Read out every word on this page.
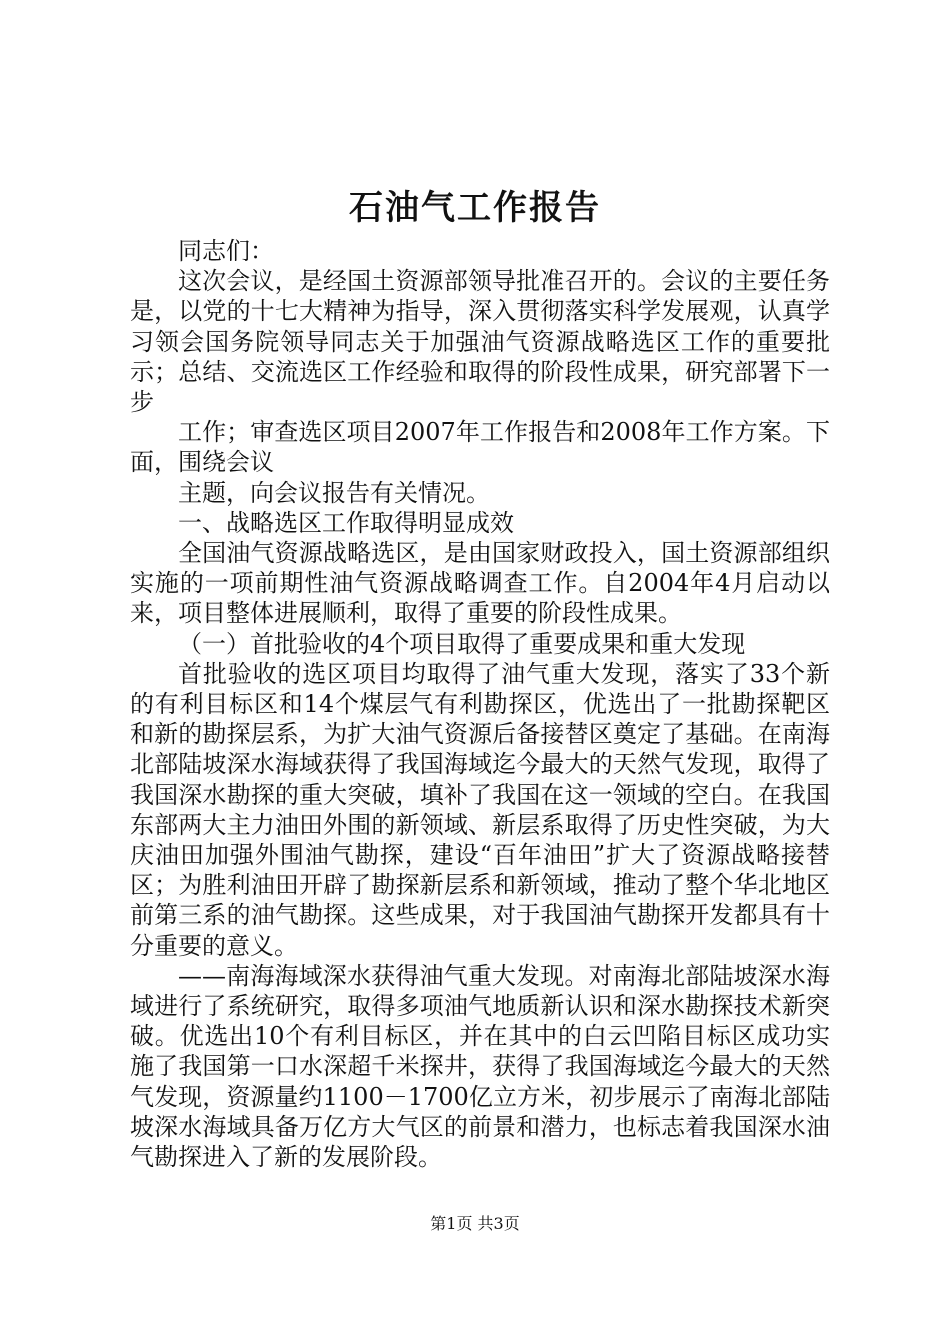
石油气工作报告

同志们：

这次会议，是经国土资源部领导批准召开的。会议的主要任务是，以党的十七大精神为指导，深入贯彻落实科学发展观，认真学习领会国务院领导同志关于加强油气资源战略选区工作的重要批示；总结、交流选区工作经验和取得的阶段性成果，研究部署下一步

工作；审查选区项目2007年工作报告和2008年工作方案。下面，围绕会议

主题，向会议报告有关情况。

一、战略选区工作取得明显成效

全国油气资源战略选区，是由国家财政投入，国土资源部组织实施的一项前期性油气资源战略调查工作。自2004年4月启动以来，项目整体进展顺利，取得了重要的阶段性成果。

（一）首批验收的4个项目取得了重要成果和重大发现

首批验收的选区项目均取得了油气重大发现，落实了33个新的有利目标区和14个煤层气有利勘探区，优选出了一批勘探靶区和新的勘探层系，为扩大油气资源后备接替区奠定了基础。在南海北部陆坡深水海域获得了我国海域迄今最大的天然气发现，取得了我国深水勘探的重大突破，填补了我国在这一领域的空白。在我国东部两大主力油田外围的新领域、新层系取得了历史性突破，为大庆油田加强外围油气勘探，建设“百年油田”扩大了资源战略接替区；为胜利油田开辟了勘探新层系和新领域，推动了整个华北地区前第三系的油气勘探。这些成果，对于我国油气勘探开发都具有十分重要的意义。

——南海海域深水获得油气重大发现。对南海北部陆坡深水海域进行了系统研究，取得多项油气地质新认识和深水勘探技术新突破。优选出10个有利目标区，并在其中的白云凹陷目标区成功实施了我国第一口水深超千米探井，获得了我国海域迄今最大的天然气发现，资源量约1100－1700亿立方米，初步展示了南海北部陆坡深水海域具备万亿方大气区的前景和潜力，也标志着我国深水油气勘探进入了新的发展阶段。

第1页 共3页
